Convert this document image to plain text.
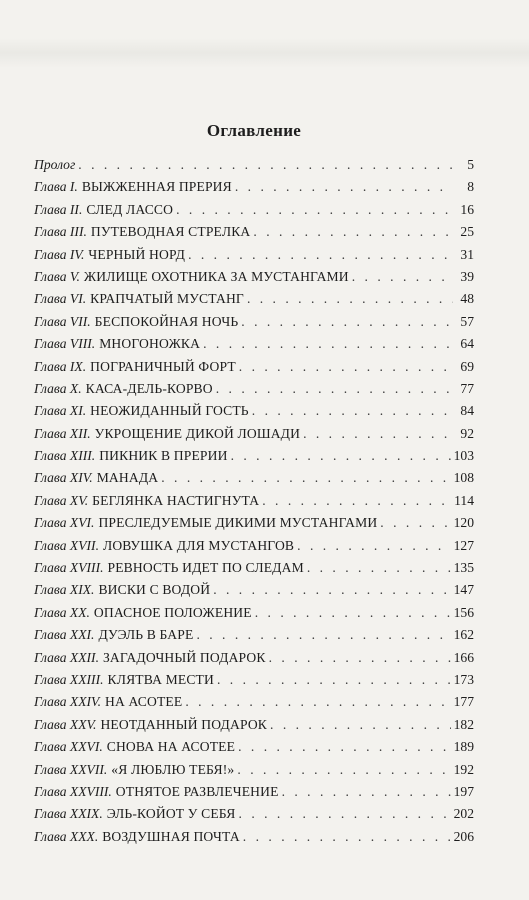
Оглавление
Пролог . . .	5
Глава I. ВЫЖЖЕННАЯ ПРЕРИЯ . . .	8
Глава II. СЛЕД ЛАССО . . .	16
Глава III. ПУТЕВОДНАЯ СТРЕЛКА . . .	25
Глава IV. ЧЕРНЫЙ НОРД . . .	31
Глава V. ЖИЛИЩЕ ОХОТНИКА ЗА МУСТАНГАМИ . . .	39
Глава VI. КРАПЧАТЫЙ МУСТАНГ . . .	48
Глава VII. БЕСПОКОЙНАЯ НОЧЬ . . .	57
Глава VIII. МНОГОНОЖКА . . .	64
Глава IX. ПОГРАНИЧНЫЙ ФОРТ . . .	69
Глава X. КАСА-ДЕЛЬ-КОРВО . . .	77
Глава XI. НЕОЖИДАННЫЙ ГОСТЬ . . .	84
Глава XII. УКРОЩЕНИЕ ДИКОЙ ЛОШАДИ . . .	92
Глава XIII. ПИКНИК В ПРЕРИИ . . .	103
Глава XIV. МАНАДА . . .	108
Глава XV. БЕГЛЯНКА НАСТИГНУТА . . .	114
Глава XVI. ПРЕСЛЕДУЕМЫЕ ДИКИМИ МУСТАНГАМИ . . .	120
Глава XVII. ЛОВУШКА ДЛЯ МУСТАНГОВ . . .	127
Глава XVIII. РЕВНОСТЬ ИДЕТ ПО СЛЕДАМ . . .	135
Глава XIX. ВИСКИ С ВОДОЙ . . .	147
Глава XX. ОПАСНОЕ ПОЛОЖЕНИЕ . . .	156
Глава XXI. ДУЭЛЬ В БАРЕ . . .	162
Глава XXII. ЗАГАДОЧНЫЙ ПОДАРОК . . .	166
Глава XXIII. КЛЯТВА МЕСТИ . . .	173
Глава XXIV. НА АСОТЕЕ . . .	177
Глава XXV. НЕОТДАННЫЙ ПОДАРОК . . .	182
Глава XXVI. СНОВА НА АСОТЕЕ . . .	189
Глава XXVII. «Я ЛЮБЛЮ ТЕБЯ!» . . .	192
Глава XXVIII. ОТНЯТОЕ РАЗВЛЕЧЕНИЕ . . .	197
Глава XXIX. ЭЛЬ-КОЙОТ У СЕБЯ . . .	202
Глава XXX. ВОЗДУШНАЯ ПОЧТА . . .	206
